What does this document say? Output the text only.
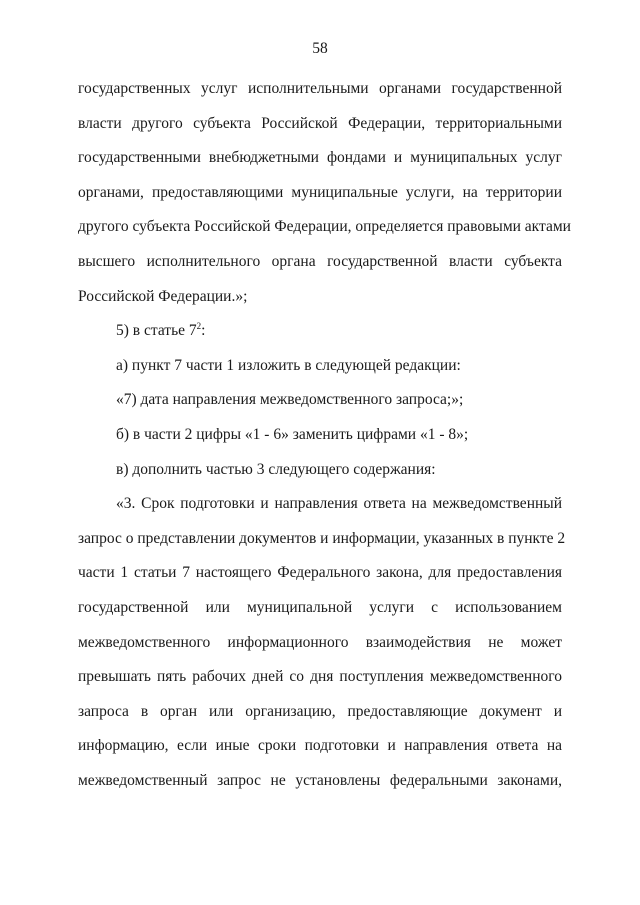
58
государственных услуг исполнительными органами государственной
власти другого субъекта Российской Федерации, территориальными
государственными внебюджетными фондами и муниципальных услуг
органами, предоставляющими муниципальные услуги, на территории
другого субъекта Российской Федерации, определяется правовыми актами
высшего исполнительного органа государственной власти субъекта
Российской Федерации.»;
5) в статье $7^2$:
а) пункт 7 части 1 изложить в следующей редакции:
«7) дата направления межведомственного запроса;»;
б) в части 2 цифры «1 - 6» заменить цифрами «1 - 8»;
в) дополнить частью 3 следующего содержания:
«3. Срок подготовки и направления ответа на межведомственный
запрос о представлении документов и информации, указанных в пункте 2
части 1 статьи 7 настоящего Федерального закона, для предоставления
государственной или муниципальной услуги с использованием
межведомственного информационного взаимодействия не может
превышать пять рабочих дней со дня поступления межведомственного
запроса в орган или организацию, предоставляющие документ и
информацию, если иные сроки подготовки и направления ответа на
межведомственный запрос не установлены федеральными законами,
